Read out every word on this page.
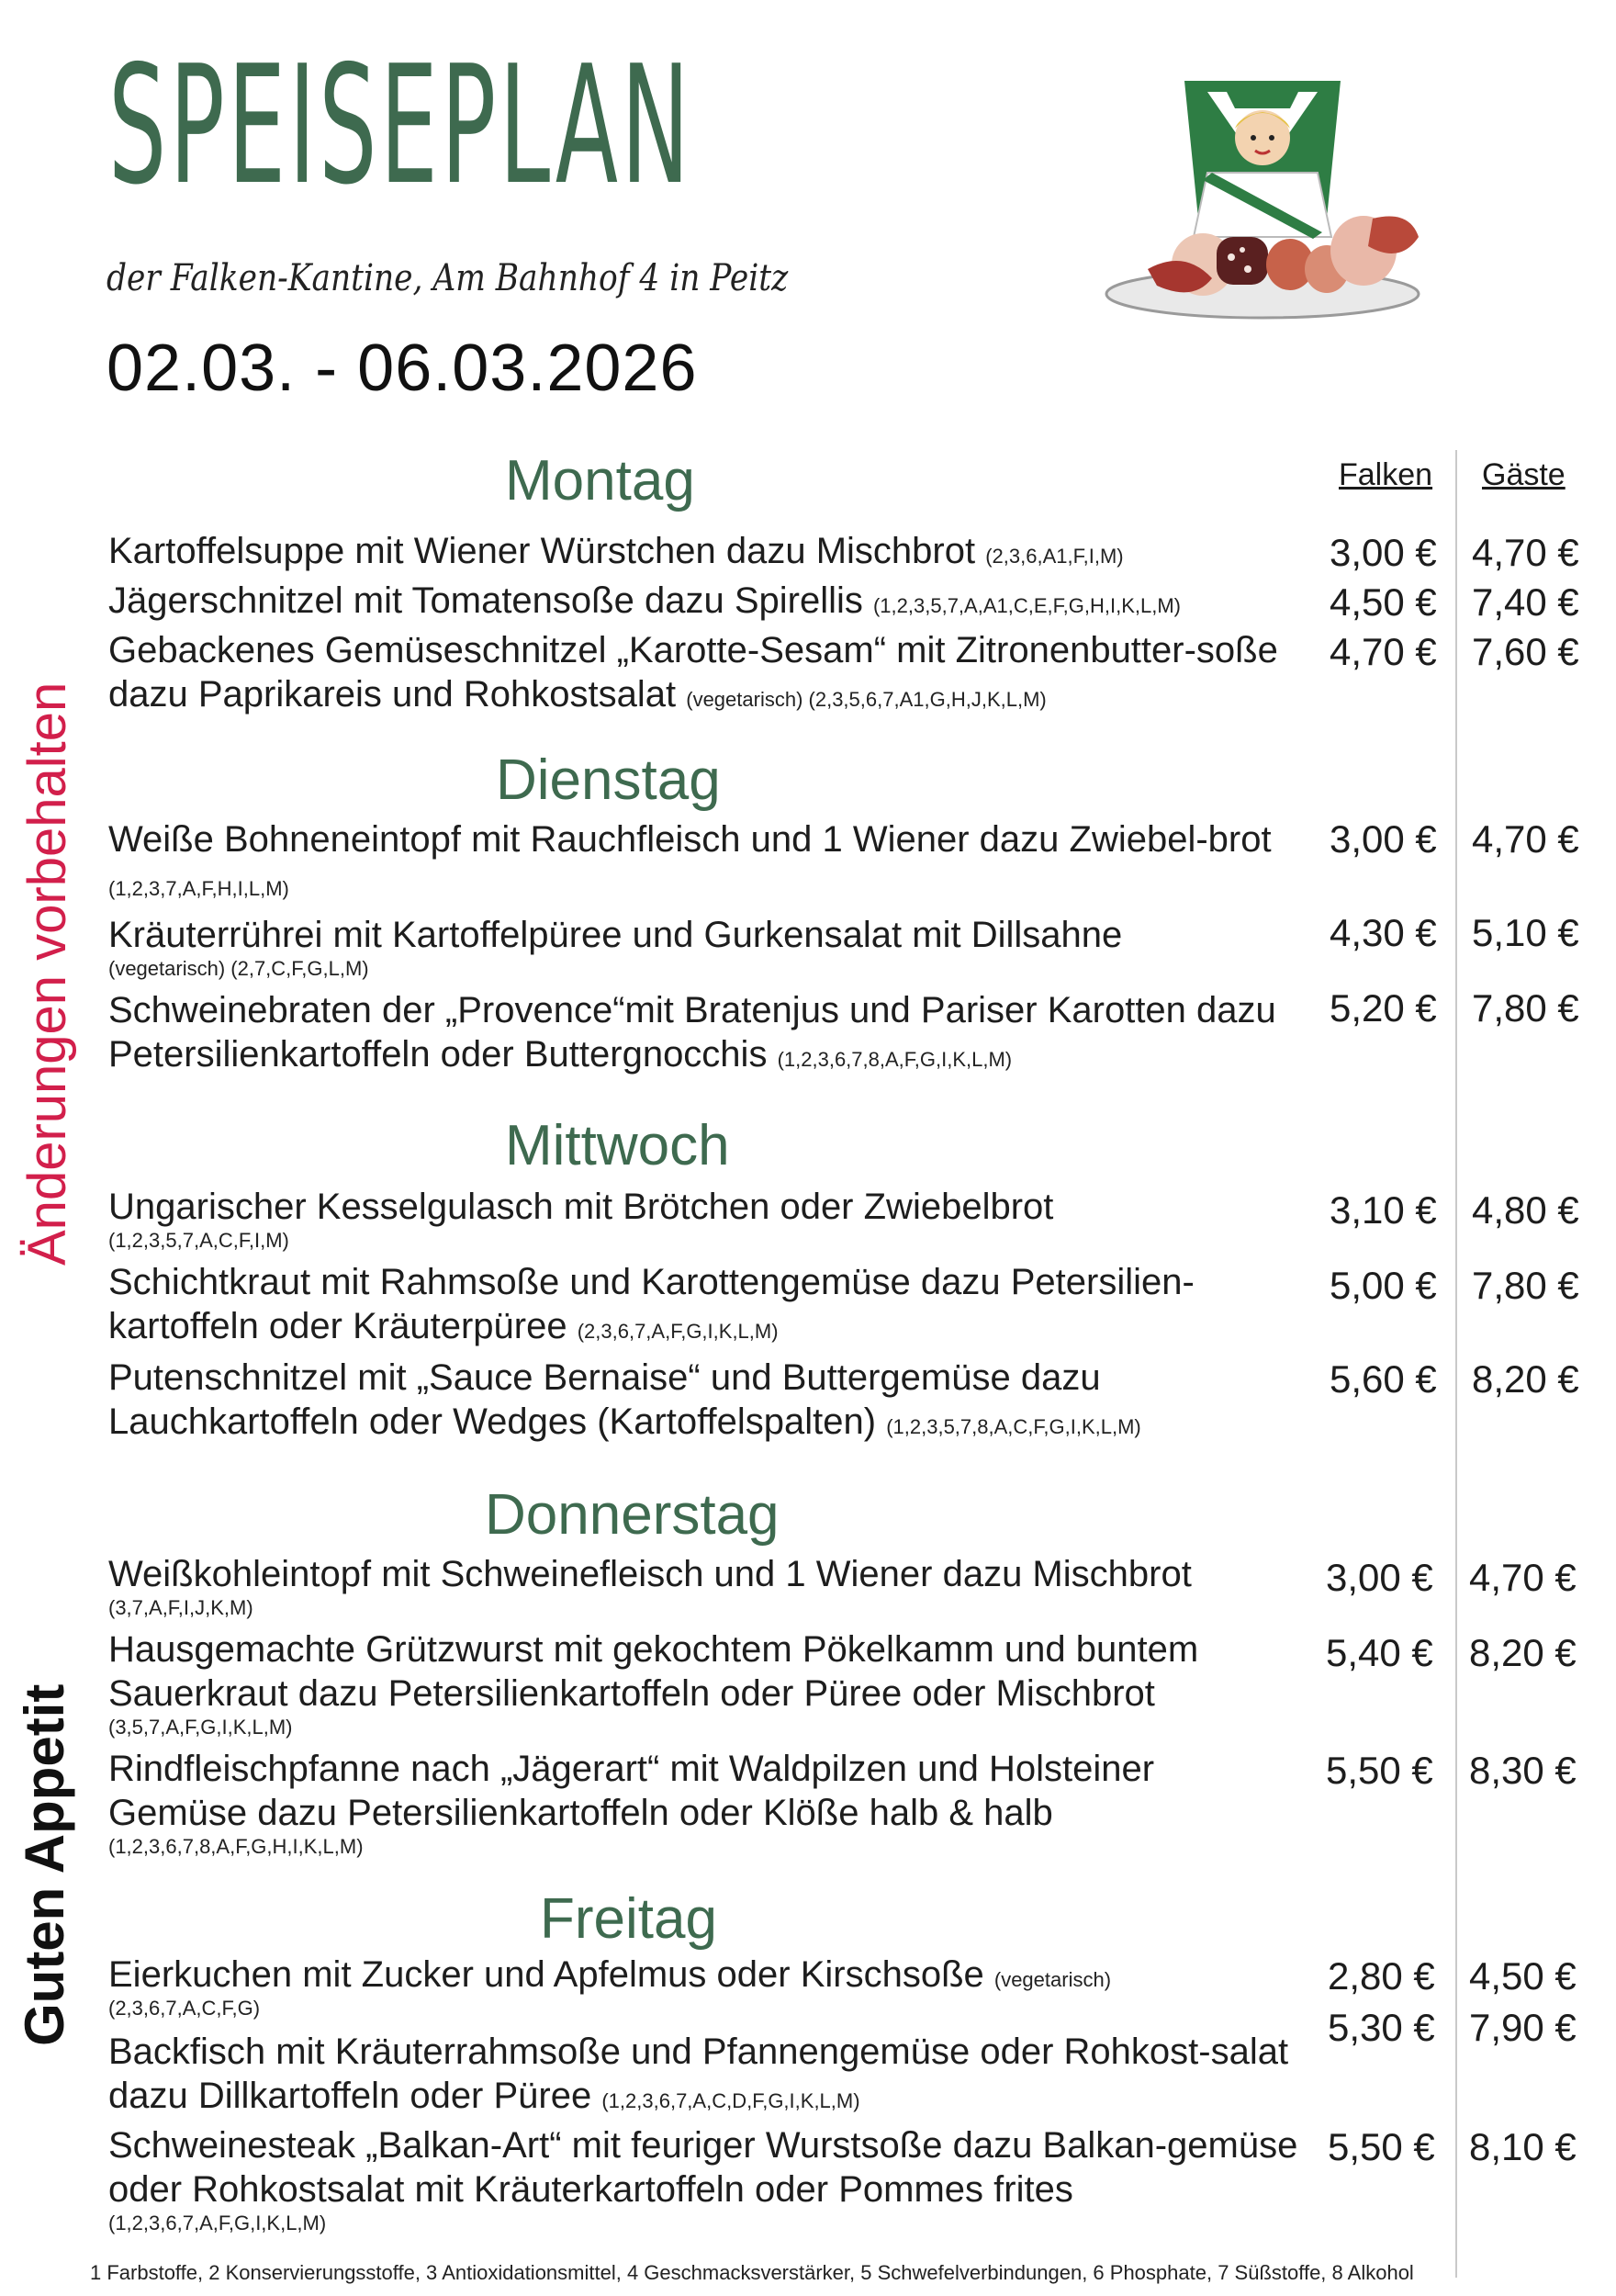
SPEISEPLAN
der Falken-Kantine, Am Bahnhof 4 in Peitz
02.03. - 06.03.2026
Änderungen vorbehalten
Guten Appetit
Falken Gäste
Montag
Kartoffelsuppe mit Wiener Würstchen dazu Mischbrot (2,3,6,A1,F,I,M)	3,00 € 4,70 €
Jägerschnitzel mit Tomatensoße dazu Spirellis (1,2,3,5,7,A,A1,C,E,F,G,H,I,K,L,M)	4,50 € 7,40 €
Gebackenes Gemüseschnitzel „Karotte-Sesam“ mit Zitronenbutter-soße dazu Paprikareis und Rohkostsalat (vegetarisch) (2,3,5,6,7,A1,G,H,J,K,L,M)
4,70 € 7,60 €
Dienstag
Weiße Bohneneintopf mit Rauchfleisch und 1 Wiener dazu Zwiebel-brot (1,2,3,7,A,F,H,I,L,M)
3,00 € 4,70 €
Kräuterrührei mit Kartoffelpüree und Gurkensalat mit Dillsahne
(vegetarisch) (2,7,C,F,G,L,M)
4,30 € 5,10 €
Schweinebraten der „Provence“mit Bratenjus und Pariser Karotten dazu Petersilienkartoffeln oder Buttergnocchis (1,2,3,6,7,8,A,F,G,I,K,L,M)
5,20 € 7,80 €
Mittwoch
Ungarischer Kesselgulasch mit Brötchen oder Zwiebelbrot
(1,2,3,5,7,A,C,F,I,M)
3,10 € 4,80 €
Schichtkraut mit Rahmsoße und Karottengemüse dazu Petersilien-kartoffeln oder Kräuterpüree (2,3,6,7,A,F,G,I,K,L,M)
5,00 € 7,80 €
Putenschnitzel mit „Sauce Bernaise“ und Buttergemüse dazu Lauchkartoffeln oder Wedges (Kartoffelspalten) (1,2,3,5,7,8,A,C,F,G,I,K,L,M)
5,60 € 8,20 €
Donnerstag
Weißkohleintopf mit Schweinefleisch und 1 Wiener dazu Mischbrot
(3,7,A,F,I,J,K,M)
3,00 € 4,70 €
Hausgemachte Grützwurst mit gekochtem Pökelkamm und buntem Sauerkraut dazu Petersilienkartoffeln oder Püree oder Mischbrot
(3,5,7,A,F,G,I,K,L,M)
5,40 € 8,20 €
Rindfleischpfanne nach „Jägerart“ mit Waldpilzen und Holsteiner Gemüse dazu Petersilienkartoffeln oder Klöße halb & halb
(1,2,3,6,7,8,A,F,G,H,I,K,L,M)
5,50 € 8,30 €
Freitag
Eierkuchen mit Zucker und Apfelmus oder Kirschsoße (vegetarisch)
(2,3,6,7,A,C,F,G)
2,80 € 4,50 €
Backfisch mit Kräuterrahmsoße und Pfannengemüse oder Rohkost-salat dazu Dillkartoffeln oder Püree (1,2,3,6,7,A,C,D,F,G,I,K,L,M)
5,30 € 7,90 €
Schweinesteak „Balkan-Art“ mit feuriger Wurstsoße dazu Balkan-gemüse oder Rohkostsalat mit Kräuterkartoffeln oder Pommes frites
(1,2,3,6,7,A,F,G,I,K,L,M)
5,50 € 8,10 €
1 Farbstoffe, 2 Konservierungsstoffe, 3 Antioxidationsmittel, 4 Geschmacksverstärker, 5 Schwefelverbindungen, 6 Phosphate, 7 Süßstoffe, 8 Alkohol
